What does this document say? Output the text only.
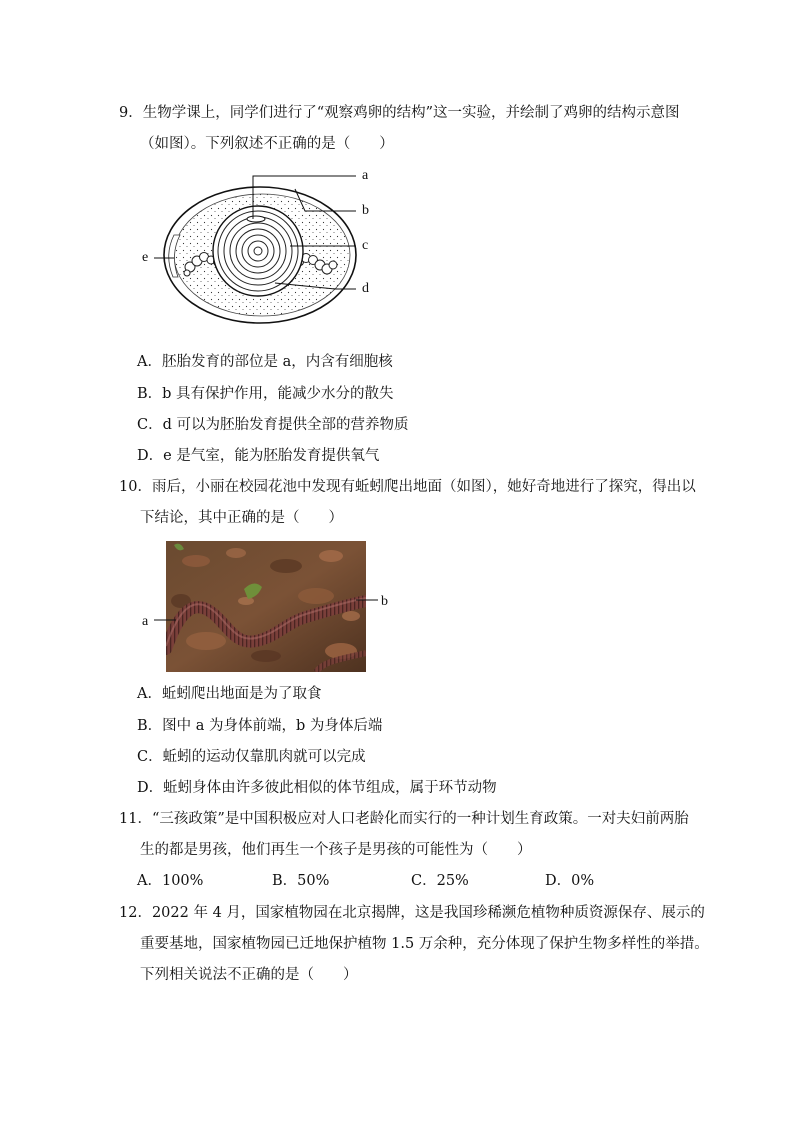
9．生物学课上，同学们进行了“观察鸡卵的结构”这一实验，并绘制了鸡卵的结构示意图
（如图）。下列叙述不正确的是（　　）
a
b
c
d
e
A．胚胎发育的部位是 a，内含有细胞核
B．b 具有保护作用，能减少水分的散失
C．d 可以为胚胎发育提供全部的营养物质
D．e 是气室，能为胚胎发育提供氧气
10．雨后，小丽在校园花池中发现有蚯蚓爬出地面（如图），她好奇地进行了探究，得出以
下结论，其中正确的是（　　）
a
b
A．蚯蚓爬出地面是为了取食
B．图中 a 为身体前端，b 为身体后端
C．蚯蚓的运动仅靠肌肉就可以完成
D．蚯蚓身体由许多彼此相似的体节组成，属于环节动物
11．“三孩政策”是中国积极应对人口老龄化而实行的一种计划生育政策。一对夫妇前两胎
生的都是男孩，他们再生一个孩子是男孩的可能性为（　　）
A．100%	B．50%	C．25%	D．0%
12．2022 年 4 月，国家植物园在北京揭牌，这是我国珍稀濒危植物种质资源保存、展示的
重要基地，国家植物园已迁地保护植物 1.5 万余种，充分体现了保护生物多样性的举措。
下列相关说法不正确的是（　　）
